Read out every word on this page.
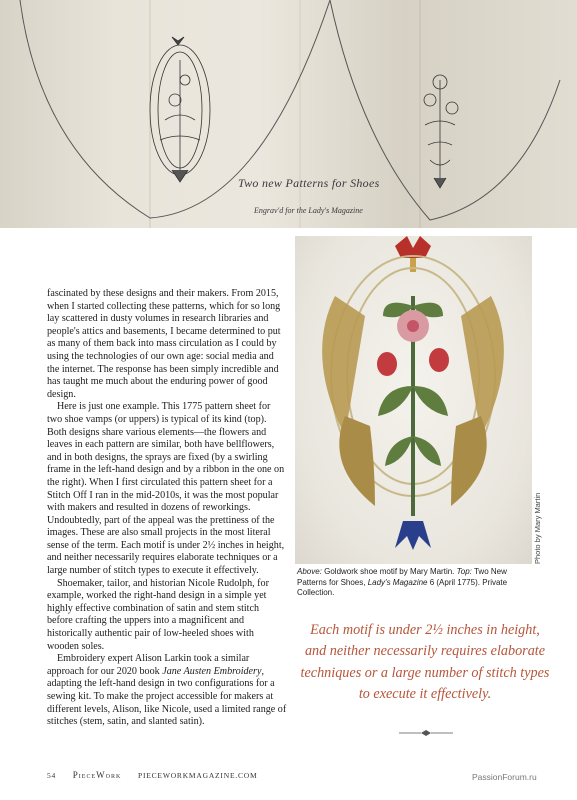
Two new Patterns for Shoes
Engrav'd for the Lady's Magazine
Photo by Mary Martin
Above: Goldwork shoe motif by Mary Martin. Top: Two New Patterns for Shoes, Lady's Magazine 6 (April 1775). Private Collection.

fascinated by these designs and their makers. From 2015, when I started collecting these patterns, which for so long lay scattered in dusty volumes in research libraries and people's attics and basements, I became determined to put as many of them back into mass circulation as I could by using the technologies of our own age: social media and the internet. The response has been simply incredible and has taught me much about the enduring power of good design.

Here is just one example. This 1775 pattern sheet for two shoe vamps (or uppers) is typical of its kind (top). Both designs share various elements—the flowers and leaves in each pattern are similar, both have bellflowers, and in both designs, the sprays are fixed (by a swirling frame in the left-hand design and by a ribbon in the one on the right). When I first circulated this pattern sheet for a Stitch Off I ran in the mid-2010s, it was the most popular with makers and resulted in dozens of reworkings. Undoubtedly, part of the appeal was the prettiness of the images. These are also small projects in the most literal sense of the term. Each motif is under 2½ inches in height, and neither necessarily requires elaborate techniques or a large number of stitch types to execute it effectively.

Shoemaker, tailor, and historian Nicole Rudolph, for example, worked the right-hand design in a simple yet highly effective combination of satin and stem stitch before crafting the uppers into a magnificent and historically authentic pair of low-heeled shoes with wooden soles.

Embroidery expert Alison Larkin took a similar approach for our 2020 book Jane Austen Embroidery, adapting the left-hand design in two configurations for a sewing kit. To make the project accessible for makers at different levels, Alison, like Nicole, used a limited range of stitches (stem, satin, and slanted satin).

Each motif is under 2½ inches in height, and neither necessarily requires elaborate techniques or a large number of stitch types to execute it effectively.
54 PieceWork PIECEWORKMAGAZINE.COM	PassionForum.ru
